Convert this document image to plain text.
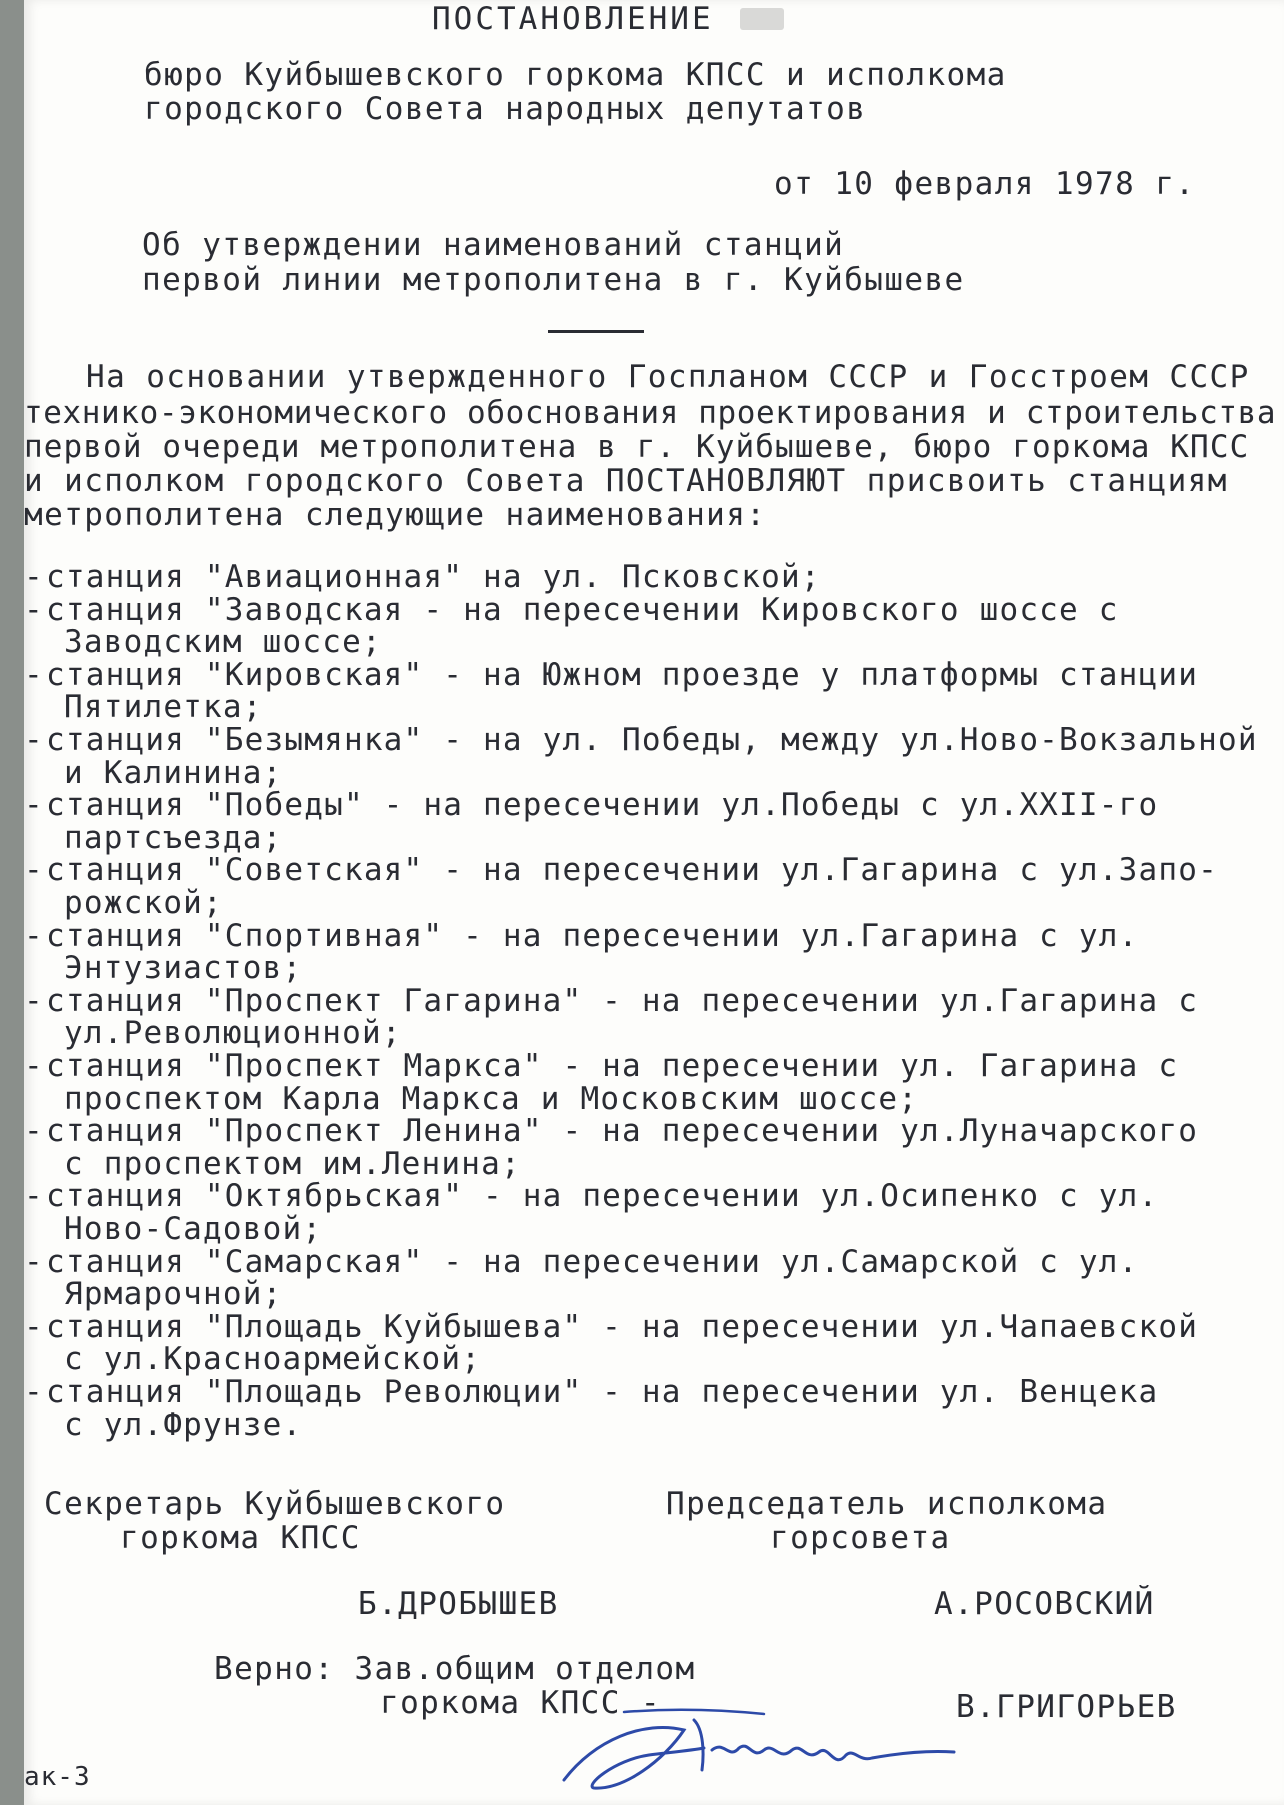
ПОСТАНОВЛЕНИЕ
бюро Куйбышевского горкома КПСС и исполкома
городского Совета народных депутатов
от 10 февраля 1978 г.
Об утверждении наименований станций
первой линии метрополитена в г. Куйбышеве
На основании утвержденного Госпланом СССР и Госстроем СССР
технико-экономического обоснования проектирования и строительства
первой очереди метрополитена в г. Куйбышеве, бюро горкома КПСС
и исполком городского Совета ПОСТАНОВЛЯЮТ присвоить станциям
метрополитена следующие наименования:
-станция "Авиационная" на ул. Псковской;
-станция "Заводская - на пересечении Кировского шоссе с
Заводским шоссе;
-станция "Кировская" - на Южном проезде у платформы станции
Пятилетка;
-станция "Безымянка" - на ул. Победы, между ул.Ново-Вокзальной
и Калинина;
-станция "Победы" - на пересечении ул.Победы с ул.XXII-го
партсъезда;
-станция "Советская" - на пересечении ул.Гагарина с ул.Запо-
рожской;
-станция "Спортивная" - на пересечении ул.Гагарина с ул.
Энтузиастов;
-станция "Проспект Гагарина" - на пересечении ул.Гагарина с
ул.Революционной;
-станция "Проспект Маркса" - на пересечении ул. Гагарина с
проспектом Карла Маркса и Московским шоссе;
-станция "Проспект Ленина" - на пересечении ул.Луначарского
с проспектом им.Ленина;
-станция "Октябрьская" - на пересечении ул.Осипенко с ул.
Ново-Садовой;
-станция "Самарская" - на пересечении ул.Самарской с ул.
Ярмарочной;
-станция "Площадь Куйбышева" - на пересечении ул.Чапаевской
с ул.Красноармейской;
-станция "Площадь Революции" - на пересечении ул. Венцека
с ул.Фрунзе.
Секретарь Куйбышевского
горкома КПСС
Б.ДРОБЫШЕВ
Председатель исполкома
горсовета
А.РОСОВСКИЙ
Верно: Зав.общим отделом
горкома КПСС -	В.ГРИГОРЬЕВ
ак-3
